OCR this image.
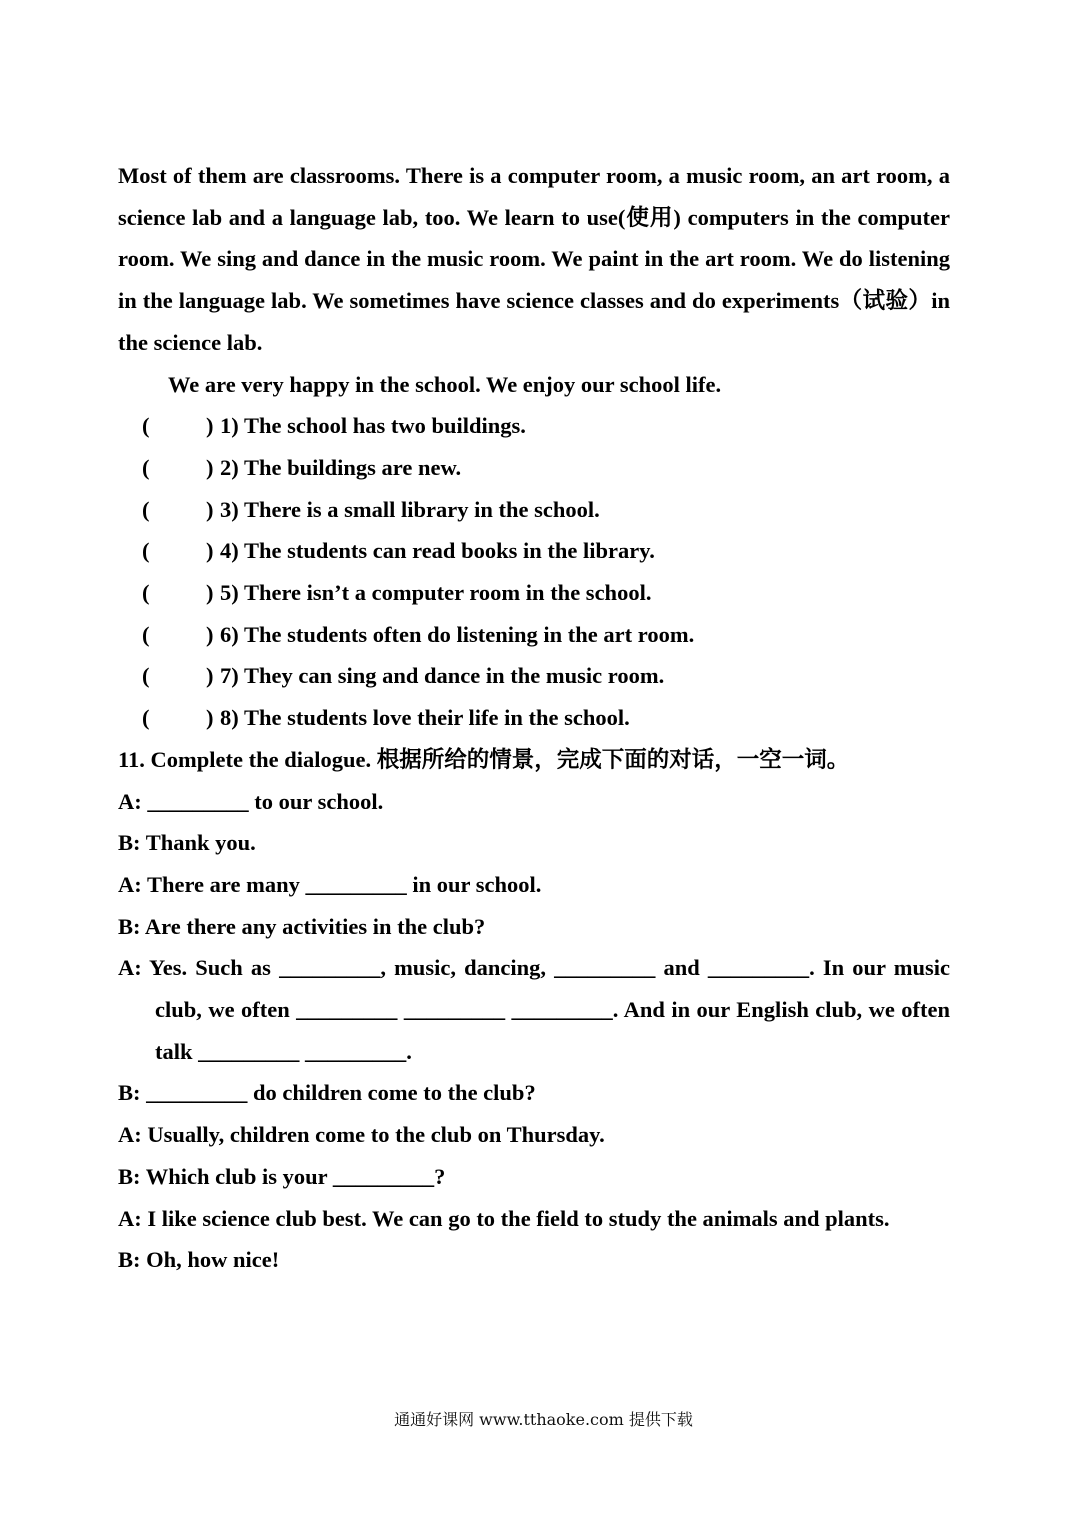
Most of them are classrooms. There is a computer room, a music room, an art room, a science lab and a language lab, too. We learn to use(使用) computers in the computer room. We sing and dance in the music room. We paint in the art room. We do listening in the language lab. We sometimes have science classes and do experiments（试验）in the science lab.

We are very happy in the school. We enjoy our school life.

(	) 1) The school has two buildings.

(	) 2) The buildings are new.

(	) 3) There is a small library in the school.

(	) 4) The students can read books in the library.

(	) 5) There isn’t a computer room in the school.

(	) 6) The students often do listening in the art room.

(	) 7) They can sing and dance in the music room.

(	) 8) The students love their life in the school.

11. Complete the dialogue. 根据所给的情景，完成下面的对话，一空一词。

A: _________ to our school.

B: Thank you.

A: There are many _________ in our school.

B: Are there any activities in the club?

A: Yes. Such as _________, music, dancing, _________ and _________. In our music club, we often _________ _________ _________. And in our English club, we often talk _________ _________.

B: _________ do children come to the club?

A: Usually, children come to the club on Thursday.

B: Which club is your _________?

A: I like science club best. We can go to the field to study the animals and plants.

B: Oh, how nice!

通通好课网 www.tthaoke.com 提供下载
